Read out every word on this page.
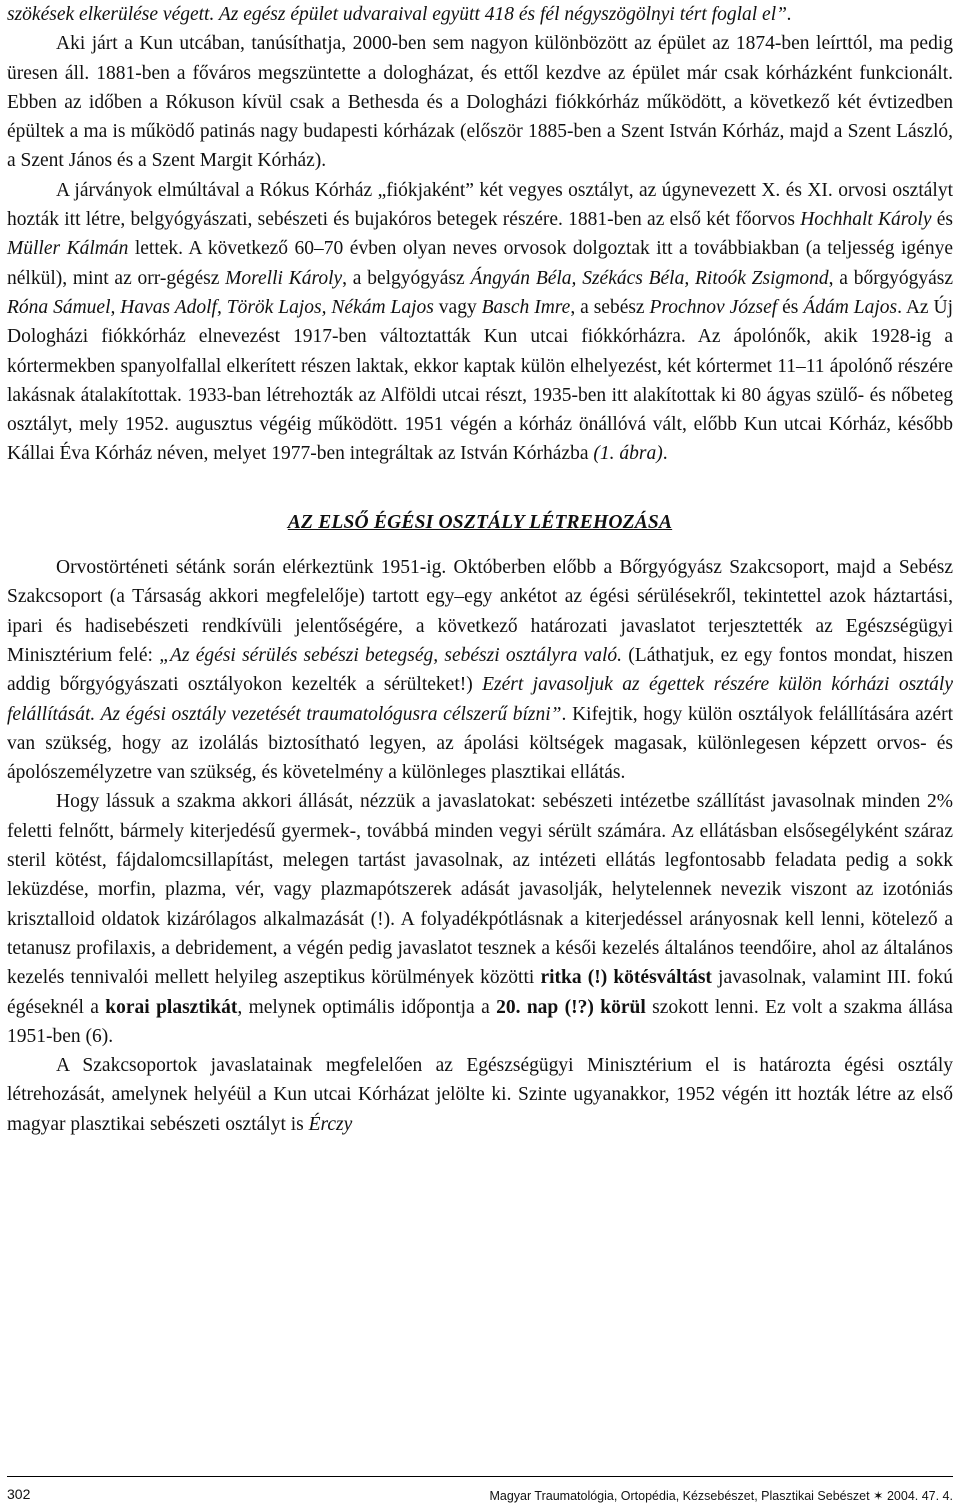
szökések elkerülése végett. Az egész épület udvaraival együtt 418 és fél négyszögölnyi tért foglal el”.

Aki járt a Kun utcában, tanúsíthatja, 2000-ben sem nagyon különbözött az épület az 1874-ben leírttól, ma pedig üresen áll. 1881-ben a főváros megszüntette a dologházat, és ettől kezdve az épület már csak kórházként funkcionált. Ebben az időben a Rókuson kívül csak a Bethesda és a Dologházi fiókkórház működött, a következő két évtizedben épültek a ma is működő patinás nagy budapesti kórházak (először 1885-ben a Szent István Kórház, majd a Szent László, a Szent János és a Szent Margit Kórház).

A járványok elmúltával a Rókus Kórház „fiókjaként” két vegyes osztályt, az úgynevezett X. és XI. orvosi osztályt hozták itt létre, belgyógyászati, sebészeti és bujakóros betegek részére. 1881-ben az első két főorvos Hochhalt Károly és Müller Kálmán lettek. A következő 60–70 évben olyan neves orvosok dolgoztak itt a továbbiakban (a teljesség igénye nélkül), mint az orr-gégész Morelli Károly, a belgyógyász Ángyán Béla, Székács Béla, Ritoók Zsigmond, a bőrgyógyász Róna Sámuel, Havas Adolf, Török Lajos, Nékám Lajos vagy Basch Imre, a sebész Prochnov József és Ádám Lajos. Az Új Dologházi fiókkórház elnevezést 1917-ben változtatták Kun utcai fiókkórházra. Az ápolónők, akik 1928-ig a kórtermekben spanyolfallal elkerített részen laktak, ekkor kaptak külön elhelyezést, két kórtermet 11–11 ápolónő részére lakásnak átalakítottak. 1933-ban létrehozták az Alföldi utcai részt, 1935-ben itt alakítottak ki 80 ágyas szülő- és nőbeteg osztályt, mely 1952. augusztus végéig működött. 1951 végén a kórház önállóvá vált, előbb Kun utcai Kórház, később Kállai Éva Kórház néven, melyet 1977-ben integráltak az István Kórházba (1. ábra).

AZ ELSŐ ÉGÉSI OSZTÁLY LÉTREHOZÁSA

Orvostörténeti sétánk során elérkeztünk 1951-ig. Októberben előbb a Bőrgyógyász Szakcsoport, majd a Sebész Szakcsoport (a Társaság akkori megfelelője) tartott egy–egy ankétot az égési sérülésekről, tekintettel azok háztartási, ipari és hadisebészeti rendkívüli jelentőségére, a következő határozati javaslatot terjesztették az Egészségügyi Minisztérium felé: „Az égési sérülés sebészi betegség, sebészi osztályra való. (Láthatjuk, ez egy fontos mondat, hiszen addig bőrgyógyászati osztályokon kezelték a sérülteket!) Ezért javasoljuk az égettek részére külön kórházi osztály felállítását. Az égési osztály vezetését traumatológusra célszerű bízni”. Kifejtik, hogy külön osztályok felállítására azért van szükség, hogy az izolálás biztosítható legyen, az ápolási költségek magasak, különlegesen képzett orvos- és ápolószemélyzetre van szükség, és követelmény a különleges plasztikai ellátás.

Hogy lássuk a szakma akkori állását, nézzük a javaslatokat: sebészeti intézetbe szállítást javasolnak minden 2% feletti felnőtt, bármely kiterjedésű gyermek-, továbbá minden vegyi sérült számára. Az ellátásban elsősegélyként száraz steril kötést, fájdalomcsillapítást, melegen tartást javasolnak, az intézeti ellátás legfontosabb feladata pedig a sokk leküzdése, morfin, plazma, vér, vagy plazmapótszerek adását javasolják, helytelennek nevezik viszont az izotóniás krisztalloid oldatok kizárólagos alkalmazását (!). A folyadékpótlásnak a kiterjedéssel arányosnak kell lenni, kötelező a tetanusz profilaxis, a debridement, a végén pedig javaslatot tesznek a késői kezelés általános teendőire, ahol az általános kezelés tennivalói mellett helyileg aszeptikus körülmények közötti ritka (!) kötésváltást javasolnak, valamint III. fokú égéseknél a korai plasztikát, melynek optimális időpontja a 20. nap (!?) körül szokott lenni. Ez volt a szakma állása 1951-ben (6).

A Szakcsoportok javaslatainak megfelelően az Egészségügyi Minisztérium el is határozta égési osztály létrehozását, amelynek helyéül a Kun utcai Kórházat jelölte ki. Szinte ugyanakkor, 1952 végén itt hozták létre az első magyar plasztikai sebészeti osztályt is Érczy

302	Magyar Traumatológia, Ortopédia, Kézsebészet, Plasztikai Sebészet ✶ 2004. 47. 4.
